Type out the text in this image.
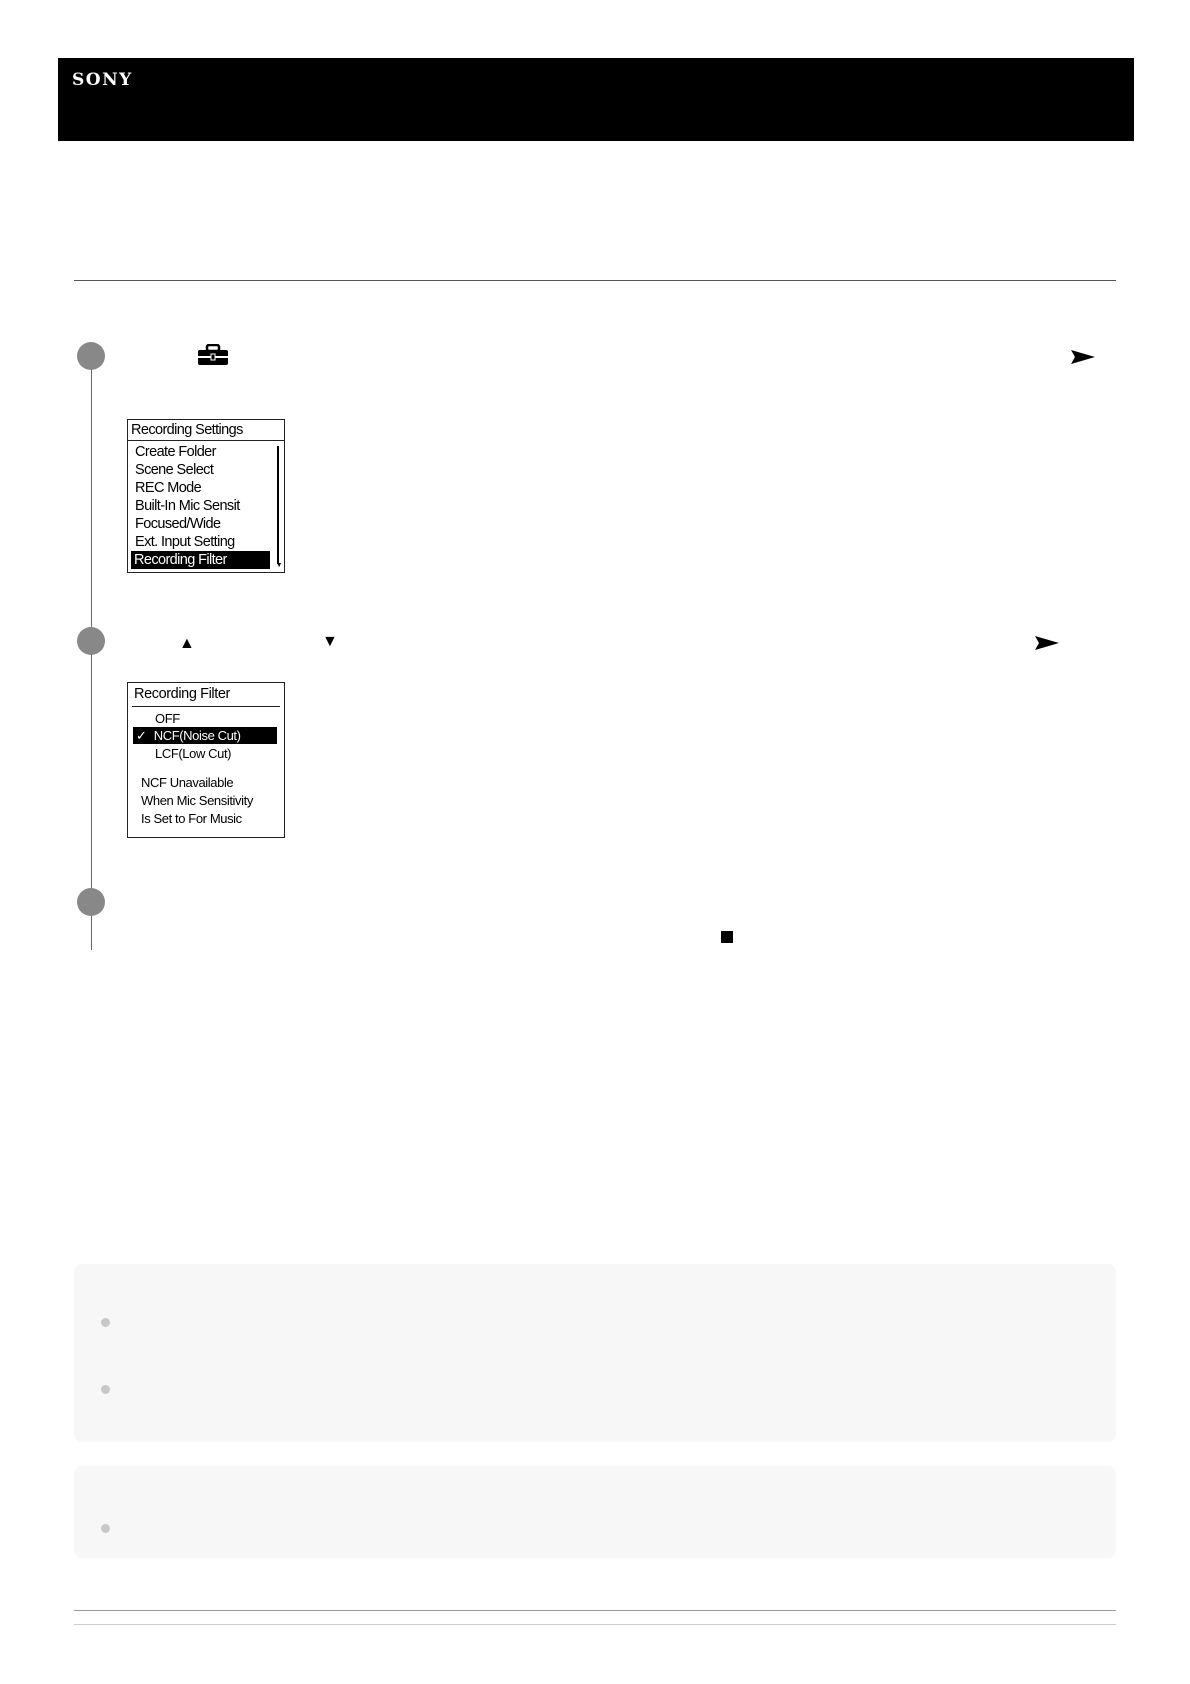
SONY
Recording Settings
Create Folder
Scene Select
REC Mode
Built-In Mic Sensit
Focused/Wide
Ext. Input Setting
Recording Filter	▼
▲	▼
Recording Filter
OFF
✓ NCF(Noise Cut)
LCF(Low Cut)
NCF Unavailable
When Mic Sensitivity
Is Set to For Music
